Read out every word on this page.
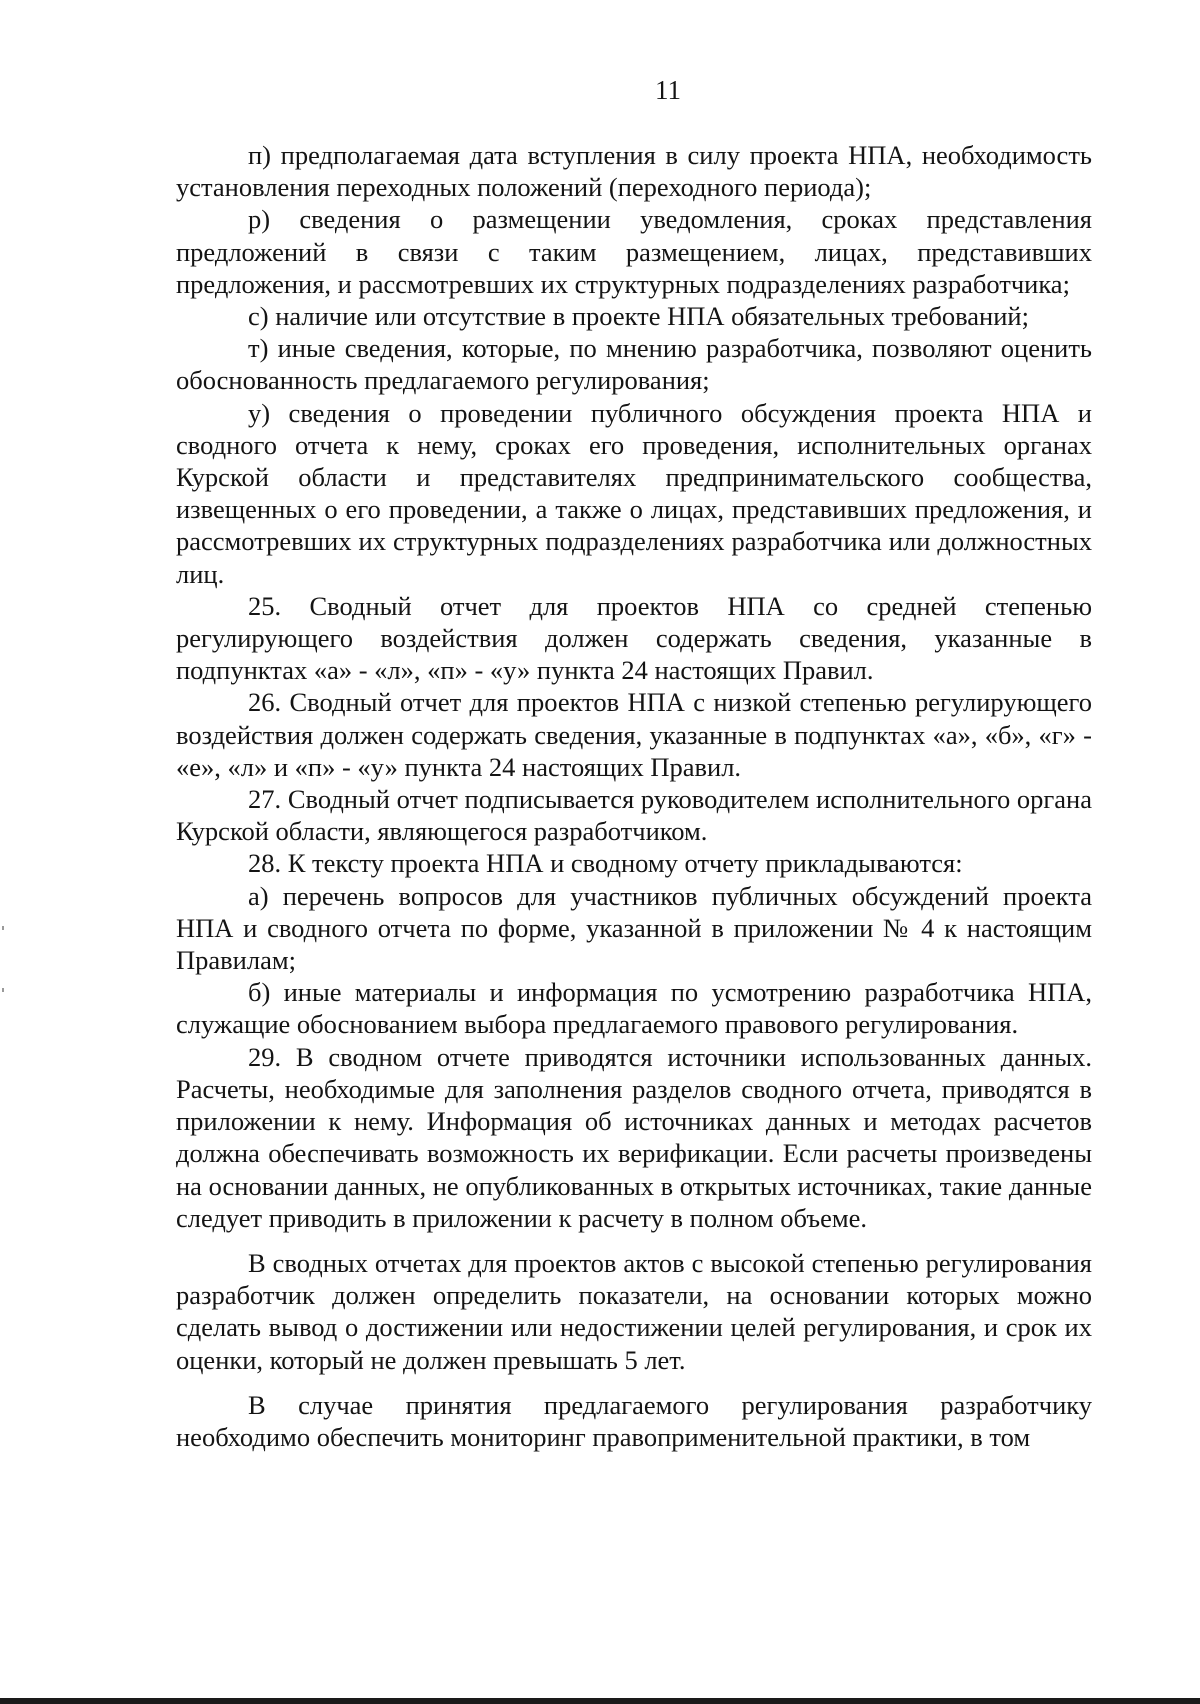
11

п) предполагаемая дата вступления в силу проекта НПА, необходимость установления переходных положений (переходного периода);

р) сведения о размещении уведомления, сроках представления предложений в связи с таким размещением, лицах, представивших предложения, и рассмотревших их структурных подразделениях разработчика;

с) наличие или отсутствие в проекте НПА обязательных требований;

т) иные сведения, которые, по мнению разработчика, позволяют оценить обоснованность предлагаемого регулирования;

у) сведения о проведении публичного обсуждения проекта НПА и сводного отчета к нему, сроках его проведения, исполнительных органах Курской области и представителях предпринимательского сообщества, извещенных о его проведении, а также о лицах, представивших предложения, и рассмотревших их структурных подразделениях разработчика или должностных лиц.

25. Сводный отчет для проектов НПА со средней степенью регулирующего воздействия должен содержать сведения, указанные в подпунктах «а» - «л», «п» - «у» пункта 24 настоящих Правил.

26. Сводный отчет для проектов НПА с низкой степенью регулирующего воздействия должен содержать сведения, указанные в подпунктах «а», «б», «г» - «е», «л» и «п» - «у» пункта 24 настоящих Правил.

27. Сводный отчет подписывается руководителем исполнительного органа Курской области, являющегося разработчиком.

28. К тексту проекта НПА и сводному отчету прикладываются:

а) перечень вопросов для участников публичных обсуждений проекта НПА и сводного отчета по форме, указанной в приложении № 4 к настоящим Правилам;

б) иные материалы и информация по усмотрению разработчика НПА, служащие обоснованием выбора предлагаемого правового регулирования.

29. В сводном отчете приводятся источники использованных данных. Расчеты, необходимые для заполнения разделов сводного отчета, приводятся в приложении к нему. Информация об источниках данных и методах расчетов должна обеспечивать возможность их верификации. Если расчеты произведены на основании данных, не опубликованных в открытых источниках, такие данные следует приводить в приложении к расчету в полном объеме.

В сводных отчетах для проектов актов с высокой степенью регулирования разработчик должен определить показатели, на основании которых можно сделать вывод о достижении или недостижении целей регулирования, и срок их оценки, который не должен превышать 5 лет.

В случае принятия предлагаемого регулирования разработчику необходимо обеспечить мониторинг правоприменительной практики, в том
